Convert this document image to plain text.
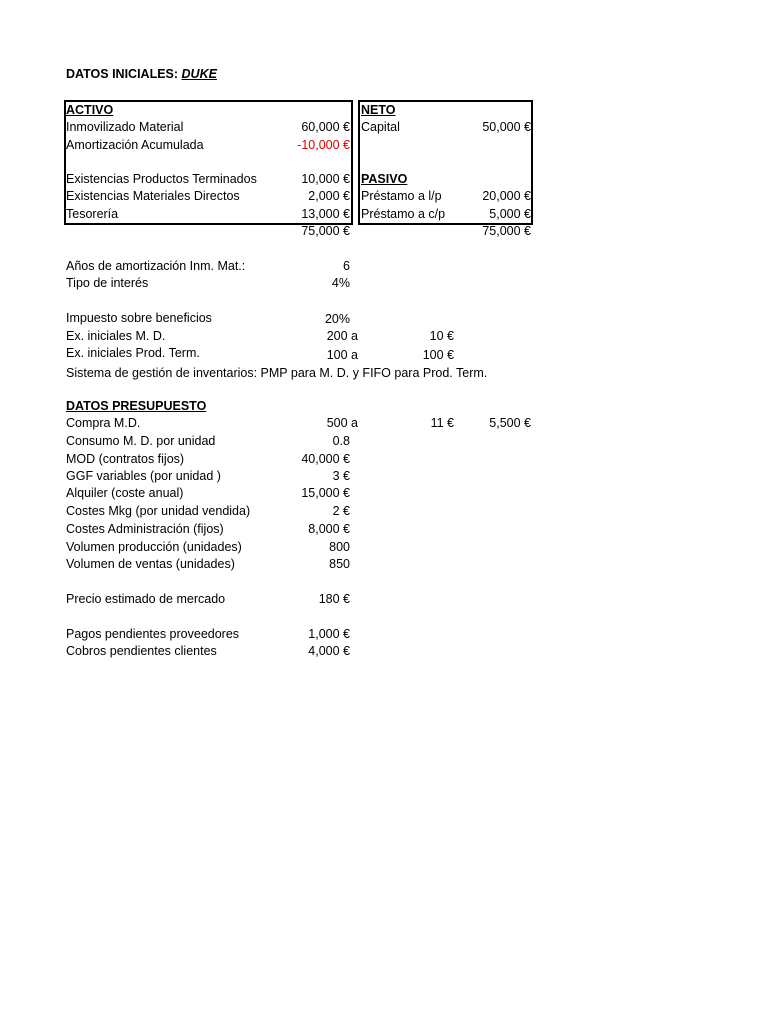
DATOS INICIALES: DUKE
ACTIVO
Inmovilizado Material	60,000 €
Amortización Acumulada	-10,000 €
Existencias Productos Terminados	10,000 €
Existencias Materiales Directos	2,000 €
Tesorería	13,000 €
75,000 €
NETO
Capital	50,000 €
PASIVO
Préstamo a l/p	20,000 €
Préstamo a c/p	5,000 €
75,000 €
Años de amortización Inm. Mat.:	6
Tipo de interés	4%
Impuesto sobre beneficios	20%
Ex. iniciales M. D.	200 a	10 €
Ex. iniciales Prod. Term.	100 a	100 €
Sistema de gestión de inventarios: PMP para M. D. y FIFO para Prod. Term.
DATOS PRESUPUESTO
Compra M.D.	500 a	11 €	5,500 €
Consumo M. D. por unidad	0.8
MOD (contratos fijos)	40,000 €
GGF variables (por unidad )	3 €
Alquiler (coste anual)	15,000 €
Costes Mkg (por unidad vendida)	2 €
Costes Administración (fijos)	8,000 €
Volumen producción (unidades)	800
Volumen de ventas (unidades)	850
Precio estimado de mercado	180 €
Pagos pendientes proveedores	1,000 €
Cobros pendientes clientes	4,000 €
